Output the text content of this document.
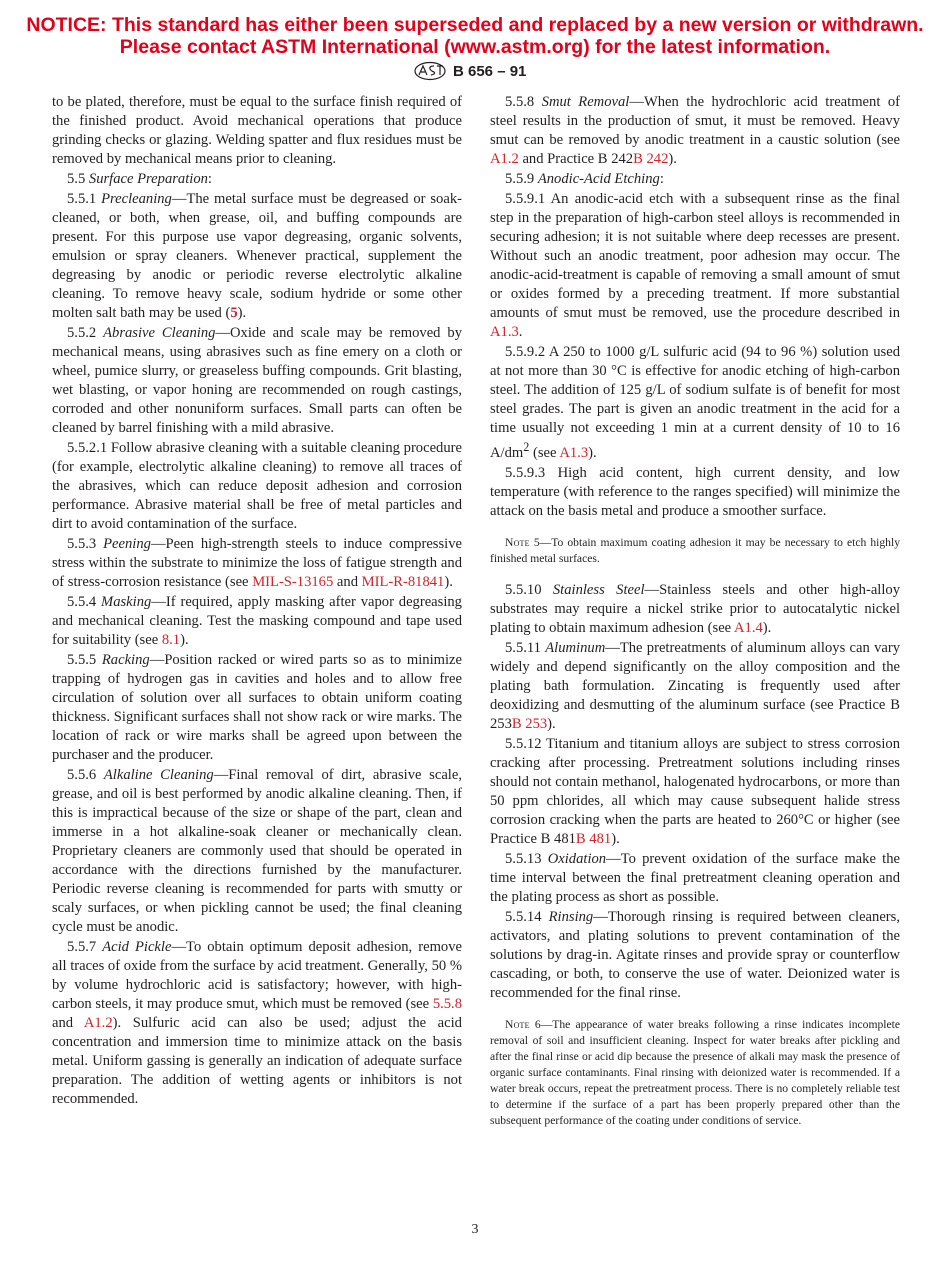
NOTICE: This standard has either been superseded and replaced by a new version or withdrawn.
Please contact ASTM International (www.astm.org) for the latest information.
B 656 – 91

to be plated, therefore, must be equal to the surface finish required of the finished product. Avoid mechanical operations that produce grinding checks or glazing. Welding spatter and flux residues must be removed by mechanical means prior to cleaning.

5.5 Surface Preparation:

5.5.1 Precleaning—The metal surface must be degreased or soak-cleaned, or both, when grease, oil, and buffing compounds are present. For this purpose use vapor degreasing, organic solvents, emulsion or spray cleaners. Whenever practical, supplement the degreasing by anodic or periodic reverse electrolytic alkaline cleaning. To remove heavy scale, sodium hydride or some other molten salt bath may be used (5).

5.5.2 Abrasive Cleaning—Oxide and scale may be removed by mechanical means, using abrasives such as fine emery on a cloth or wheel, pumice slurry, or greaseless buffing compounds. Grit blasting, wet blasting, or vapor honing are recommended on rough castings, corroded and other nonuniform surfaces. Small parts can often be cleaned by barrel finishing with a mild abrasive.

5.5.2.1 Follow abrasive cleaning with a suitable cleaning procedure (for example, electrolytic alkaline cleaning) to remove all traces of the abrasives, which can reduce deposit adhesion and corrosion performance. Abrasive material shall be free of metal particles and dirt to avoid contamination of the surface.

5.5.3 Peening—Peen high-strength steels to induce compressive stress within the substrate to minimize the loss of fatigue strength and of stress-corrosion resistance (see MIL-S-13165 and MIL-R-81841).

5.5.4 Masking—If required, apply masking after vapor degreasing and mechanical cleaning. Test the masking compound and tape used for suitability (see 8.1).

5.5.5 Racking—Position racked or wired parts so as to minimize trapping of hydrogen gas in cavities and holes and to allow free circulation of solution over all surfaces to obtain uniform coating thickness. Significant surfaces shall not show rack or wire marks. The location of rack or wire marks shall be agreed upon between the purchaser and the producer.

5.5.6 Alkaline Cleaning—Final removal of dirt, abrasive scale, grease, and oil is best performed by anodic alkaline cleaning. Then, if this is impractical because of the size or shape of the part, clean and immerse in a hot alkaline-soak cleaner or mechanically clean. Proprietary cleaners are commonly used that should be operated in accordance with the directions furnished by the manufacturer. Periodic reverse cleaning is recommended for parts with smutty or scaly surfaces, or when pickling cannot be used; the final cleaning cycle must be anodic.

5.5.7 Acid Pickle—To obtain optimum deposit adhesion, remove all traces of oxide from the surface by acid treatment. Generally, 50 % by volume hydrochloric acid is satisfactory; however, with high-carbon steels, it may produce smut, which must be removed (see 5.5.8 and A1.2). Sulfuric acid can also be used; adjust the acid concentration and immersion time to minimize attack on the basis metal. Uniform gassing is generally an indication of adequate surface preparation. The addition of wetting agents or inhibitors is not recommended.

5.5.8 Smut Removal—When the hydrochloric acid treatment of steel results in the production of smut, it must be removed. Heavy smut can be removed by anodic treatment in a caustic solution (see A1.2 and Practice B 242B 242).

5.5.9 Anodic-Acid Etching:

5.5.9.1 An anodic-acid etch with a subsequent rinse as the final step in the preparation of high-carbon steel alloys is recommended in securing adhesion; it is not suitable where deep recesses are present. Without such an anodic treatment, poor adhesion may occur. The anodic-acid-treatment is capable of removing a small amount of smut or oxides formed by a preceding treatment. If more substantial amounts of smut must be removed, use the procedure described in A1.3.

5.5.9.2 A 250 to 1000 g/L sulfuric acid (94 to 96 %) solution used at not more than 30 °C is effective for anodic etching of high-carbon steel. The addition of 125 g/L of sodium sulfate is of benefit for most steel grades. The part is given an anodic treatment in the acid for a time usually not exceeding 1 min at a current density of 10 to 16 $A/dm^2$ (see A1.3).

5.5.9.3 High acid content, high current density, and low temperature (with reference to the ranges specified) will minimize the attack on the basis metal and produce a smoother surface.

Note 5—To obtain maximum coating adhesion it may be necessary to etch highly finished metal surfaces.

5.5.10 Stainless Steel—Stainless steels and other high-alloy substrates may require a nickel strike prior to autocatalytic nickel plating to obtain maximum adhesion (see A1.4).

5.5.11 Aluminum—The pretreatments of aluminum alloys can vary widely and depend significantly on the alloy composition and the plating bath formulation. Zincating is frequently used after deoxidizing and desmutting of the aluminum surface (see Practice B 253B 253).

5.5.12 Titanium and titanium alloys are subject to stress corrosion cracking after processing. Pretreatment solutions including rinses should not contain methanol, halogenated hydrocarbons, or more than 50 ppm chlorides, all which may cause subsequent halide stress corrosion cracking when the parts are heated to 260°C or higher (see Practice B 481B 481).

5.5.13 Oxidation—To prevent oxidation of the surface make the time interval between the final pretreatment cleaning operation and the plating process as short as possible.

5.5.14 Rinsing—Thorough rinsing is required between cleaners, activators, and plating solutions to prevent contamination of the solutions by drag-in. Agitate rinses and provide spray or counterflow cascading, or both, to conserve the use of water. Deionized water is recommended for the final rinse.

Note 6—The appearance of water breaks following a rinse indicates incomplete removal of soil and insufficient cleaning. Inspect for water breaks after pickling and after the final rinse or acid dip because the presence of alkali may mask the presence of organic surface contaminants. Final rinsing with deionized water is recommended. If a water break occurs, repeat the pretreatment process. There is no completely reliable test to determine if the surface of a part has been properly prepared other than the subsequent performance of the coating under conditions of service.

3
